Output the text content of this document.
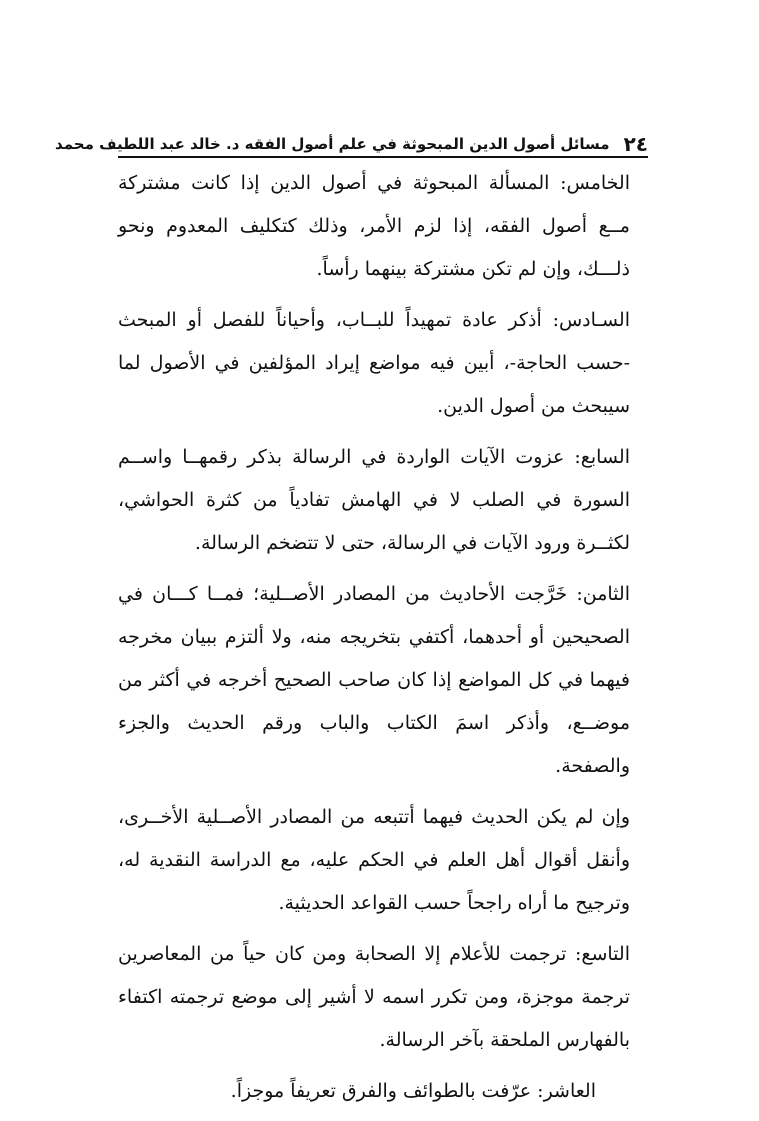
٢٤
مسائل أصول الدين المبحوثة في علم أصول الفقه د. خالد عبد اللطيف محمد

الخامس: المسألة المبحوثة في أصول الدين إذا كانت مشتركة مــع أصول الفقه، إذا لزم الأمر، وذلك كتكليف المعدوم ونحو ذلـــك، وإن لم تكن مشتركة بينهما رأساً.

السـادس: أذكر عادة تمهيداً للبــاب، وأحياناً للفصل أو المبحث -حسب الحاجة-، أبين فيه مواضع إيراد المؤلفين في الأصول لما سيبحث من أصول الدين.

السابع: عزوت الآيات الواردة في الرسالة بذكر رقمهــا واســم السورة في الصلب لا في الهامش تفادياً من كثرة الحواشي، لكثــرة ورود الآيات في الرسالة، حتى لا تتضخم الرسالة.

الثامن: خَرَّجت الأحاديث من المصادر الأصــلية؛ فمــا كـــان في الصحيحين أو أحدهما، أكتفي بتخريجه منه، ولا ألتزم ببيان مخرجه فيهما في كل المواضع إذا كان صاحب الصحيح أخرجه في أكثر من موضــع، وأذكر اسمَ الكتاب والباب ورقم الحديث والجزء والصفحة.

وإن لم يكن الحديث فيهما أتتبعه من المصادر الأصــلية الأخــرى، وأنقل أقوال أهل العلم في الحكم عليه، مع الدراسة النقدية له، وترجيح ما أراه راجحاً حسب القواعد الحديثية.

التاسع: ترجمت للأعلام إلا الصحابة ومن كان حياً من المعاصرين ترجمة موجزة، ومن تكرر اسمه لا أشير إلى موضع ترجمته اكتفاء بالفهارس الملحقة بآخر الرسالة.

العاشر: عرّفت بالطوائف والفرق تعريفاً موجزاً.
